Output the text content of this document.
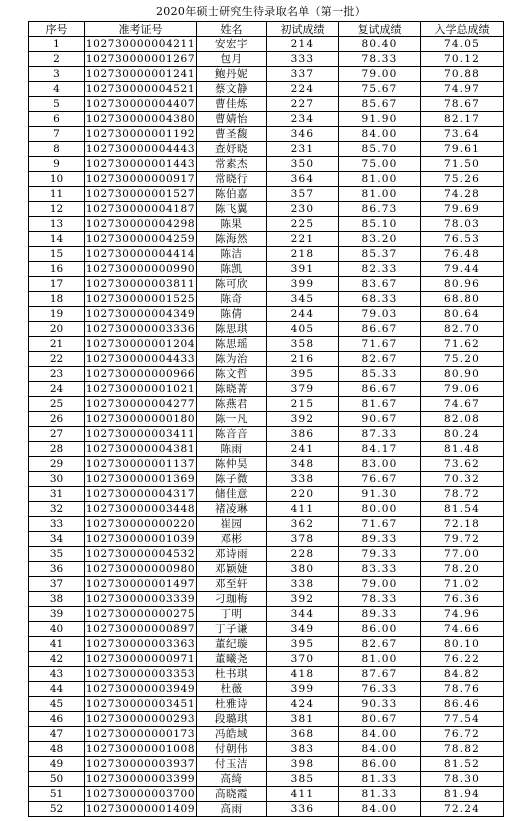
2020年硕士研究生待录取名单（第一批）
序号	准考证号	姓名	初试成绩	复试成绩	入学总成绩
1	102730000004211	安宏宇	214	80.40	74.05
2	102730000001267	包月	333	78.33	70.12
3	102730000001241	鲍丹妮	337	79.00	70.88
4	102730000004521	蔡文静	224	75.67	74.97
5	102730000004407	曹佳炼	227	85.67	78.67
6	102730000004380	曹婧怡	234	91.90	82.17
7	102730000001192	曹圣馥	346	84.00	73.64
8	102730000004443	查妤晓	231	85.70	79.61
9	102730000001443	常素杰	350	75.00	71.50
10	102730000000917	常晓行	364	81.00	75.26
11	102730000001527	陈伯嘉	357	81.00	74.28
12	102730000004187	陈飞翼	230	86.73	79.69
13	102730000004298	陈果	225	85.10	78.03
14	102730000004259	陈海然	221	83.20	76.53
15	102730000004414	陈洁	218	85.37	76.48
16	102730000000990	陈凯	391	82.33	79.44
17	102730000003811	陈可欣	399	83.67	80.96
18	102730000001525	陈奇	345	68.33	68.80
19	102730000004349	陈倩	244	79.03	80.64
20	102730000003336	陈思琪	405	86.67	82.70
21	102730000001204	陈思瑶	358	71.67	71.62
22	102730000004433	陈为治	216	82.67	75.20
23	102730000000966	陈文哲	395	85.33	80.90
24	102730000001021	陈晓菁	379	86.67	79.06
25	102730000004277	陈燕君	215	81.67	74.67
26	102730000000180	陈一凡	392	90.67	82.08
27	102730000003411	陈音音	386	87.33	80.24
28	102730000004381	陈雨	241	84.17	81.48
29	102730000001137	陈仲昊	348	83.00	73.62
30	102730000001369	陈子微	338	76.67	70.32
31	102730000004317	储佳意	220	91.30	78.72
32	102730000003448	褚凌琳	411	80.00	81.54
33	102730000000220	崔园	362	71.67	72.18
34	102730000001039	邓彬	378	89.33	79.72
35	102730000004532	邓诗雨	228	79.33	77.00
36	102730000000980	邓颖婕	380	83.33	78.20
37	102730000001497	邓至轩	338	79.00	71.02
38	102730000003339	刁珈梅	392	78.33	76.36
39	102730000000275	丁明	344	89.33	74.96
40	102730000000897	丁子谦	349	86.00	74.66
41	102730000003363	董纪璇	395	82.67	80.10
42	102730000000971	董曦尧	370	81.00	76.22
43	102730000003353	杜书琪	418	87.67	84.82
44	102730000003949	杜薇	399	76.33	78.76
45	102730000003451	杜雅诗	424	90.33	86.46
46	102730000000293	段璐琪	381	80.67	77.54
47	102730000000173	冯皓域	368	84.00	76.72
48	102730000001008	付朝伟	383	84.00	78.82
49	102730000003937	付玉洁	398	86.00	81.52
50	102730000003399	高绮	385	81.33	78.30
51	102730000003700	高晓霞	411	81.33	81.94
52	102730000001409	高雨	336	84.00	72.24
